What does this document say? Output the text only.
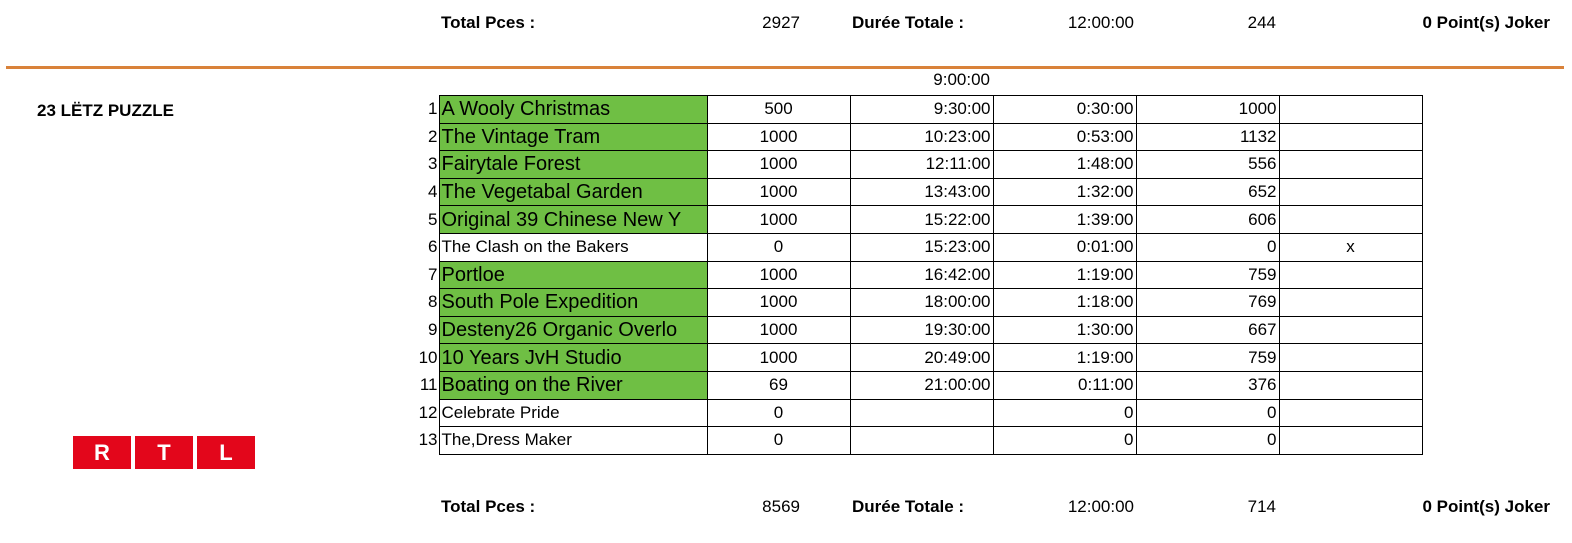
Total Pces :	2927	Durée Totale :	12:00:00	244	0 Point(s) Joker
9:00:00
23 LËTZ PUZZLE
R	T	L
1	A Wooly Christmas	500	9:30:00	0:30:00	1000	
2	The Vintage Tram	1000	10:23:00	0:53:00	1132	
3	Fairytale Forest	1000	12:11:00	1:48:00	556	
4	The Vegetabal Garden	1000	13:43:00	1:32:00	652	
5	Original 39 Chinese New Y	1000	15:22:00	1:39:00	606	
6	The Clash on the Bakers	0	15:23:00	0:01:00	0	x
7	Portloe	1000	16:42:00	1:19:00	759	
8	South Pole Expedition	1000	18:00:00	1:18:00	769	
9	Desteny26 Organic Overlo	1000	19:30:00	1:30:00	667	
10	10 Years JvH Studio	1000	20:49:00	1:19:00	759	
11	Boating on the River	69	21:00:00	0:11:00	376	
12	Celebrate Pride	0		0	0	
13	The,Dress Maker	0		0	0	
Total Pces :	8569	Durée Totale :	12:00:00	714	0 Point(s) Joker
